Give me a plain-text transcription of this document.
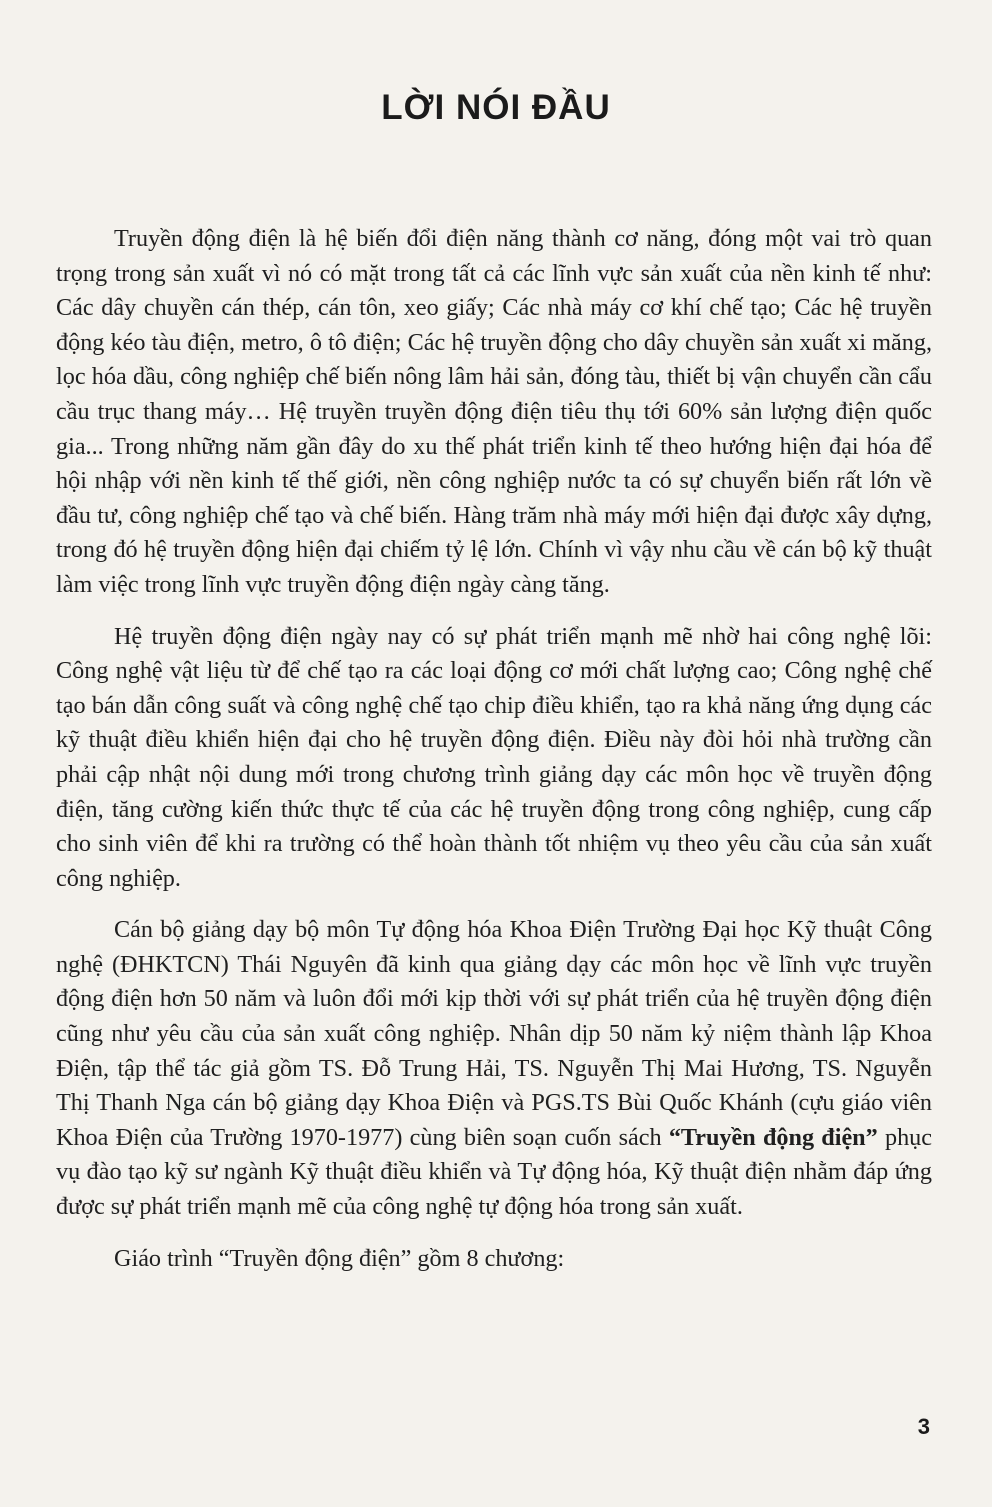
LỜI NÓI ĐẦU

Truyền động điện là hệ biến đổi điện năng thành cơ năng, đóng một vai trò quan trọng trong sản xuất vì nó có mặt trong tất cả các lĩnh vực sản xuất của nền kinh tế như: Các dây chuyền cán thép, cán tôn, xeo giấy; Các nhà máy cơ khí chế tạo; Các hệ truyền động kéo tàu điện, metro, ô tô điện; Các hệ truyền động cho dây chuyền sản xuất xi măng, lọc hóa dầu, công nghiệp chế biến nông lâm hải sản, đóng tàu, thiết bị vận chuyển cần cẩu cầu trục thang máy… Hệ truyền truyền động điện tiêu thụ tới 60% sản lượng điện quốc gia... Trong những năm gần đây do xu thế phát triển kinh tế theo hướng hiện đại hóa để hội nhập với nền kinh tế thế giới, nền công nghiệp nước ta có sự chuyển biến rất lớn về đầu tư, công nghiệp chế tạo và chế biến. Hàng trăm nhà máy mới hiện đại được xây dựng, trong đó hệ truyền động hiện đại chiếm tỷ lệ lớn. Chính vì vậy nhu cầu về cán bộ kỹ thuật làm việc trong lĩnh vực truyền động điện ngày càng tăng.

Hệ truyền động điện ngày nay có sự phát triển mạnh mẽ nhờ hai công nghệ lõi: Công nghệ vật liệu từ để chế tạo ra các loại động cơ mới chất lượng cao; Công nghệ chế tạo bán dẫn công suất và công nghệ chế tạo chip điều khiển, tạo ra khả năng ứng dụng các kỹ thuật điều khiển hiện đại cho hệ truyền động điện. Điều này đòi hỏi nhà trường cần phải cập nhật nội dung mới trong chương trình giảng dạy các môn học về truyền động điện, tăng cường kiến thức thực tế của các hệ truyền động trong công nghiệp, cung cấp cho sinh viên để khi ra trường có thể hoàn thành tốt nhiệm vụ theo yêu cầu của sản xuất công nghiệp.

Cán bộ giảng dạy bộ môn Tự động hóa Khoa Điện Trường Đại học Kỹ thuật Công nghệ (ĐHKTCN) Thái Nguyên đã kinh qua giảng dạy các môn học về lĩnh vực truyền động điện hơn 50 năm và luôn đổi mới kịp thời với sự phát triển của hệ truyền động điện cũng như yêu cầu của sản xuất công nghiệp. Nhân dịp 50 năm kỷ niệm thành lập Khoa Điện, tập thể tác giả gồm TS. Đỗ Trung Hải, TS. Nguyễn Thị Mai Hương, TS. Nguyễn Thị Thanh Nga cán bộ giảng dạy Khoa Điện và PGS.TS Bùi Quốc Khánh (cựu giáo viên Khoa Điện của Trường 1970-1977) cùng biên soạn cuốn sách “Truyền động điện” phục vụ đào tạo kỹ sư ngành Kỹ thuật điều khiển và Tự động hóa, Kỹ thuật điện nhằm đáp ứng được sự phát triển mạnh mẽ của công nghệ tự động hóa trong sản xuất.

Giáo trình “Truyền động điện” gồm 8 chương:

3
